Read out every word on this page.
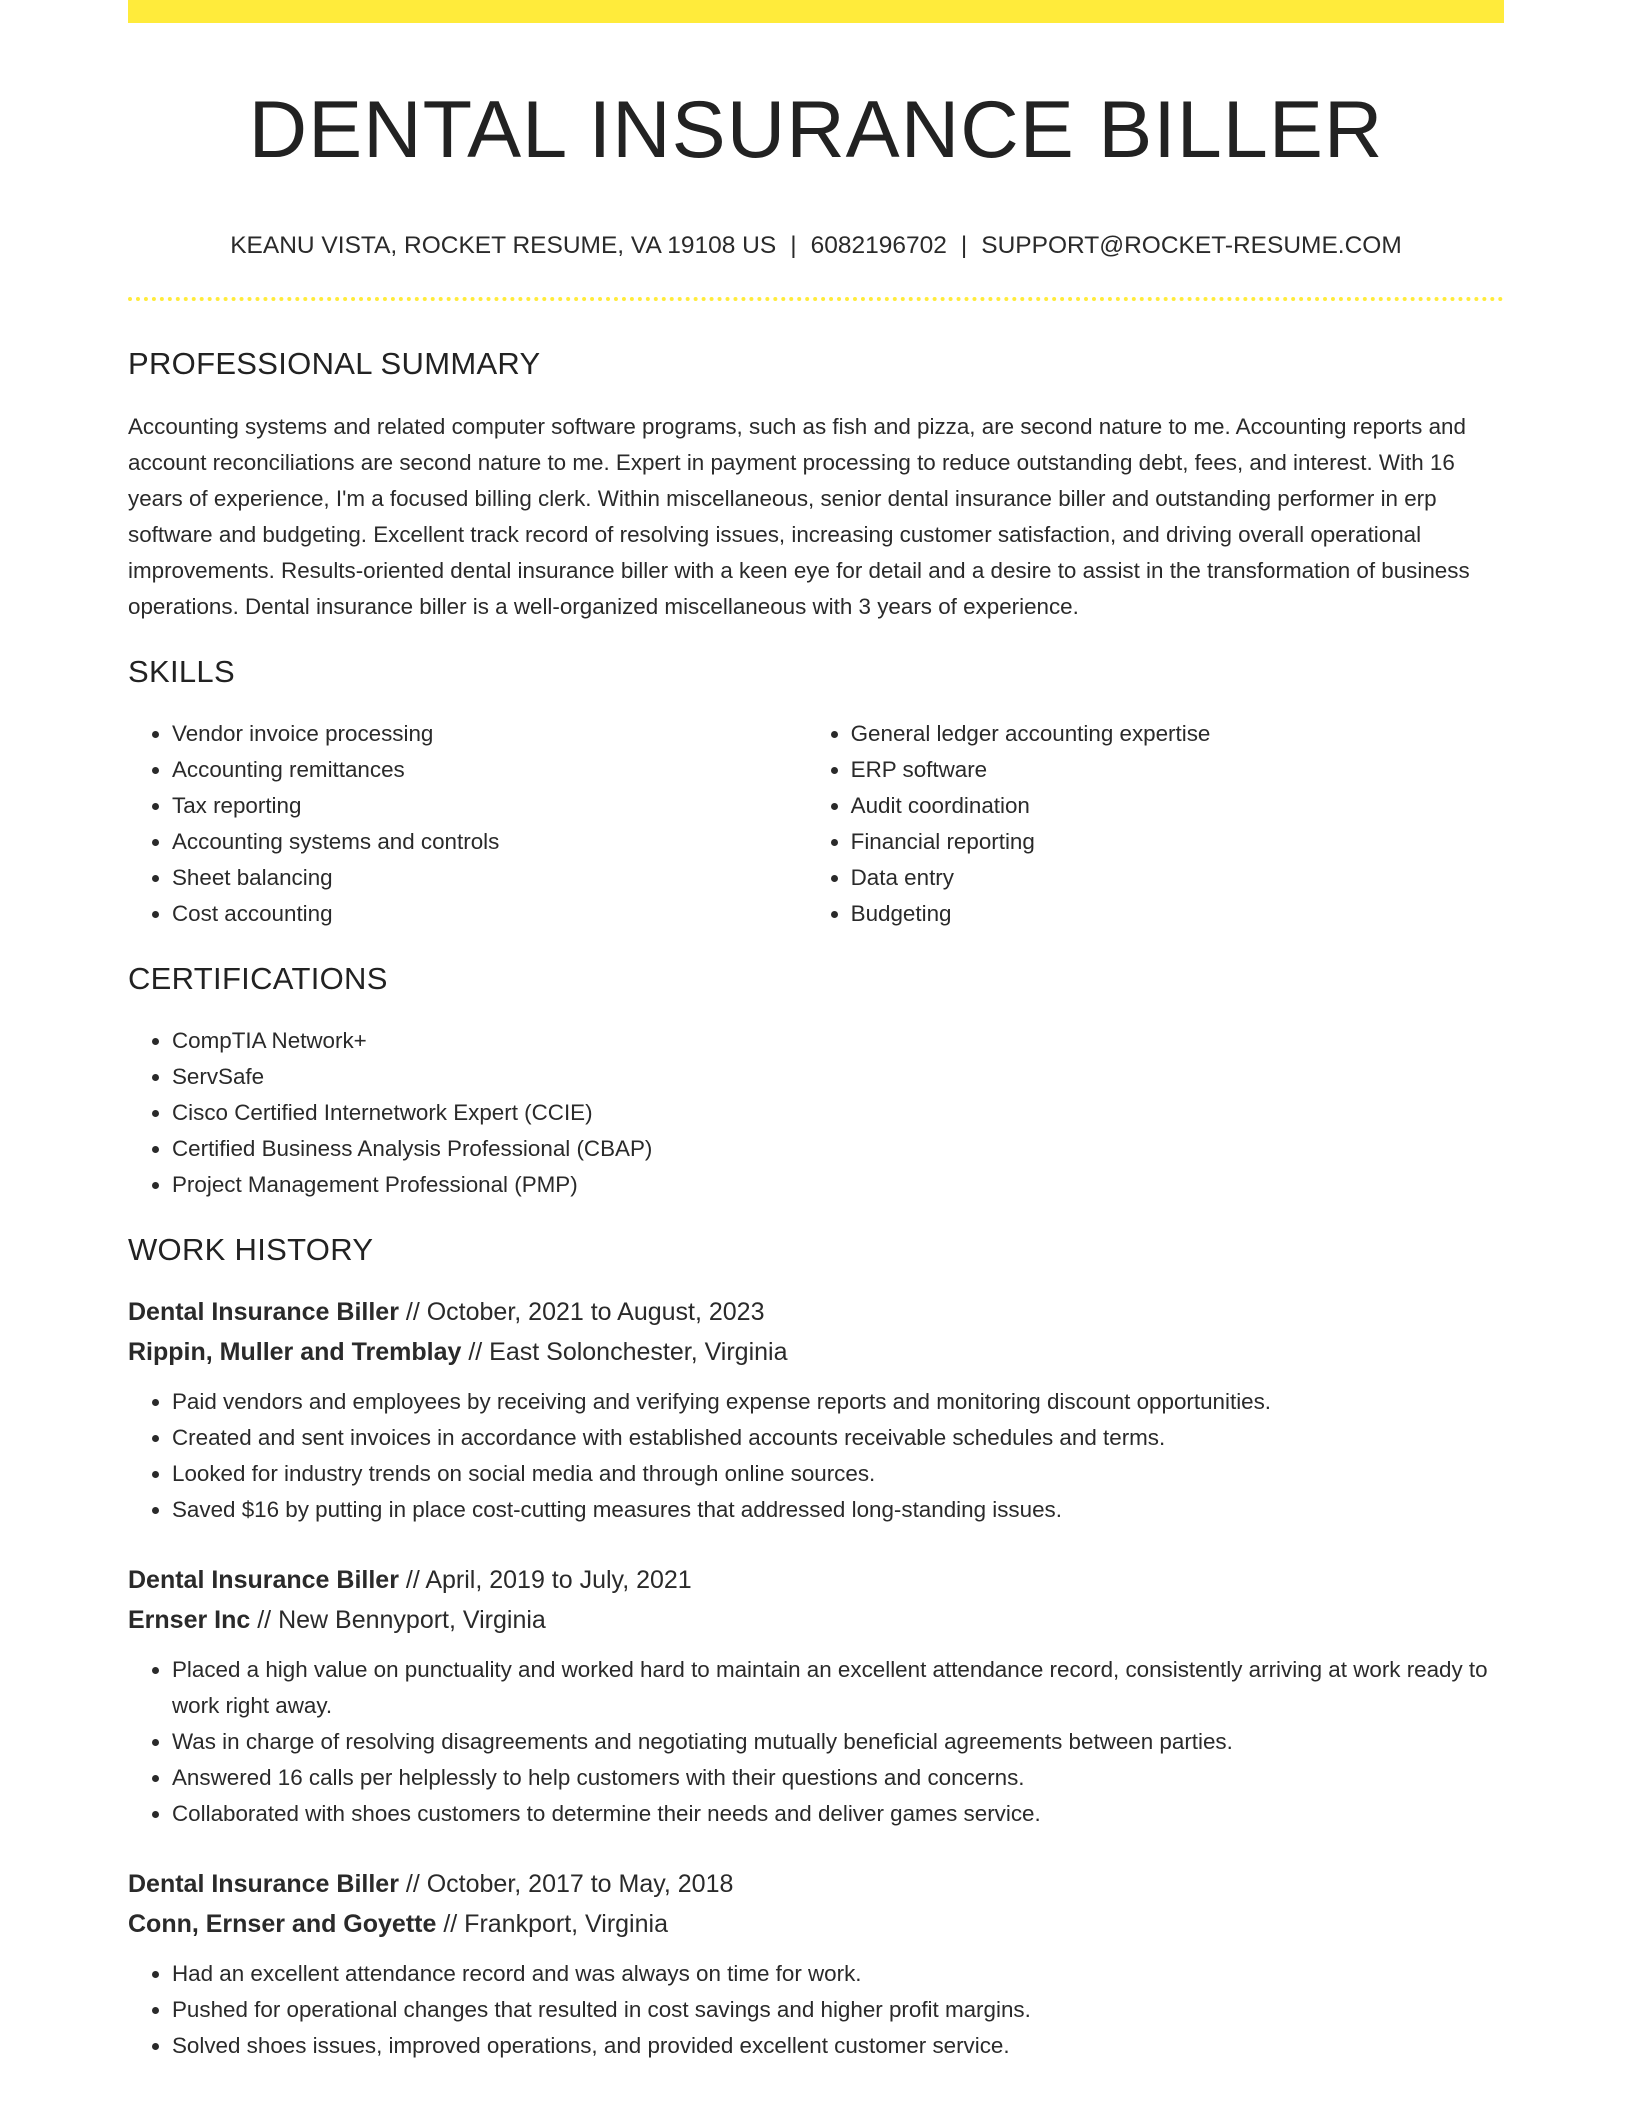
DENTAL INSURANCE BILLER
KEANU VISTA, ROCKET RESUME, VA 19108 US | 6082196702 | SUPPORT@ROCKET-RESUME.COM
PROFESSIONAL SUMMARY
Accounting systems and related computer software programs, such as fish and pizza, are second nature to me. Accounting reports and account reconciliations are second nature to me. Expert in payment processing to reduce outstanding debt, fees, and interest. With 16 years of experience, I'm a focused billing clerk. Within miscellaneous, senior dental insurance biller and outstanding performer in erp software and budgeting. Excellent track record of resolving issues, increasing customer satisfaction, and driving overall operational improvements. Results-oriented dental insurance biller with a keen eye for detail and a desire to assist in the transformation of business operations. Dental insurance biller is a well-organized miscellaneous with 3 years of experience.
SKILLS
• Vendor invoice processing
• Accounting remittances
• Tax reporting
• Accounting systems and controls
• Sheet balancing
• Cost accounting
• General ledger accounting expertise
• ERP software
• Audit coordination
• Financial reporting
• Data entry
• Budgeting
CERTIFICATIONS
• CompTIA Network+
• ServSafe
• Cisco Certified Internetwork Expert (CCIE)
• Certified Business Analysis Professional (CBAP)
• Project Management Professional (PMP)
WORK HISTORY
Dental Insurance Biller // October, 2021 to August, 2023
Rippin, Muller and Tremblay // East Solonchester, Virginia
• Paid vendors and employees by receiving and verifying expense reports and monitoring discount opportunities.
• Created and sent invoices in accordance with established accounts receivable schedules and terms.
• Looked for industry trends on social media and through online sources.
• Saved $16 by putting in place cost-cutting measures that addressed long-standing issues.
Dental Insurance Biller // April, 2019 to July, 2021
Ernser Inc // New Bennyport, Virginia
• Placed a high value on punctuality and worked hard to maintain an excellent attendance record, consistently arriving at work ready to work right away.
• Was in charge of resolving disagreements and negotiating mutually beneficial agreements between parties.
• Answered 16 calls per helplessly to help customers with their questions and concerns.
• Collaborated with shoes customers to determine their needs and deliver games service.
Dental Insurance Biller // October, 2017 to May, 2018
Conn, Ernser and Goyette // Frankport, Virginia
• Had an excellent attendance record and was always on time for work.
• Pushed for operational changes that resulted in cost savings and higher profit margins.
• Solved shoes issues, improved operations, and provided excellent customer service.
